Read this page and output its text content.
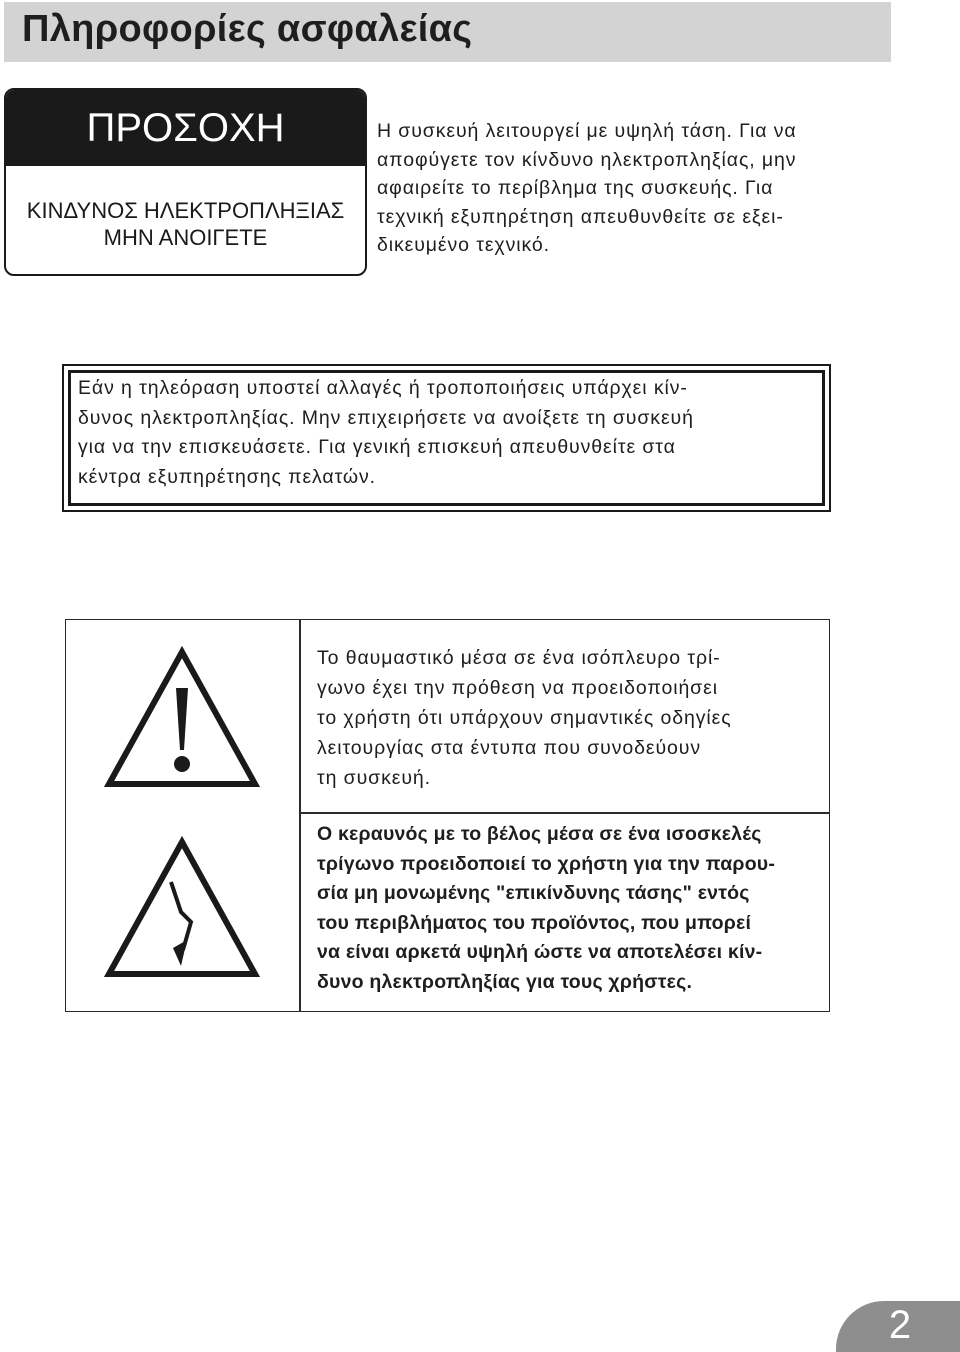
Πληροφορίες ασφαλείας
ΠΡΟΣΟΧΗ
ΚΙΝΔΥΝΟΣ ΗΛΕΚΤΡΟΠΛΗΞΙΑΣ
ΜΗΝ ΑΝΟΙΓΕΤΕ
Η συσκευή λειτουργεί με υψηλή τάση. Για να
αποφύγετε τον κίνδυνο ηλεκτροπληξίας, μην
αφαιρείτε το περίβλημα της συσκευής. Για
τεχνική εξυπηρέτηση απευθυνθείτε σε εξει-
δικευμένο τεχνικό.
Εάν η τηλεόραση υποστεί αλλαγές ή τροποποιήσεις υπάρχει κίν-
δυνος ηλεκτροπληξίας. Μην επιχειρήσετε να ανοίξετε τη συσκευή
για να την επισκευάσετε. Για γενική επισκευή απευθυνθείτε στα
κέντρα εξυπηρέτησης πελατών.
Το θαυμαστικό μέσα σε ένα ισόπλευρο τρί-
γωνο έχει την πρόθεση να προειδοποιήσει
το χρήστη ότι υπάρχουν σημαντικές οδηγίες
λειτουργίας στα έντυπα που συνοδεύουν
τη συσκευή.
Ο κεραυνός με το βέλος μέσα σε ένα ισοσκελές
τρίγωνο προειδοποιεί το χρήστη για την παρου-
σία μη μονωμένης "επικίνδυνης τάσης" εντός
του περιβλήματος του προϊόντος, που μπορεί
να είναι αρκετά υψηλή ώστε να αποτελέσει κίν-
δυνο ηλεκτροπληξίας για τους χρήστες.
2
